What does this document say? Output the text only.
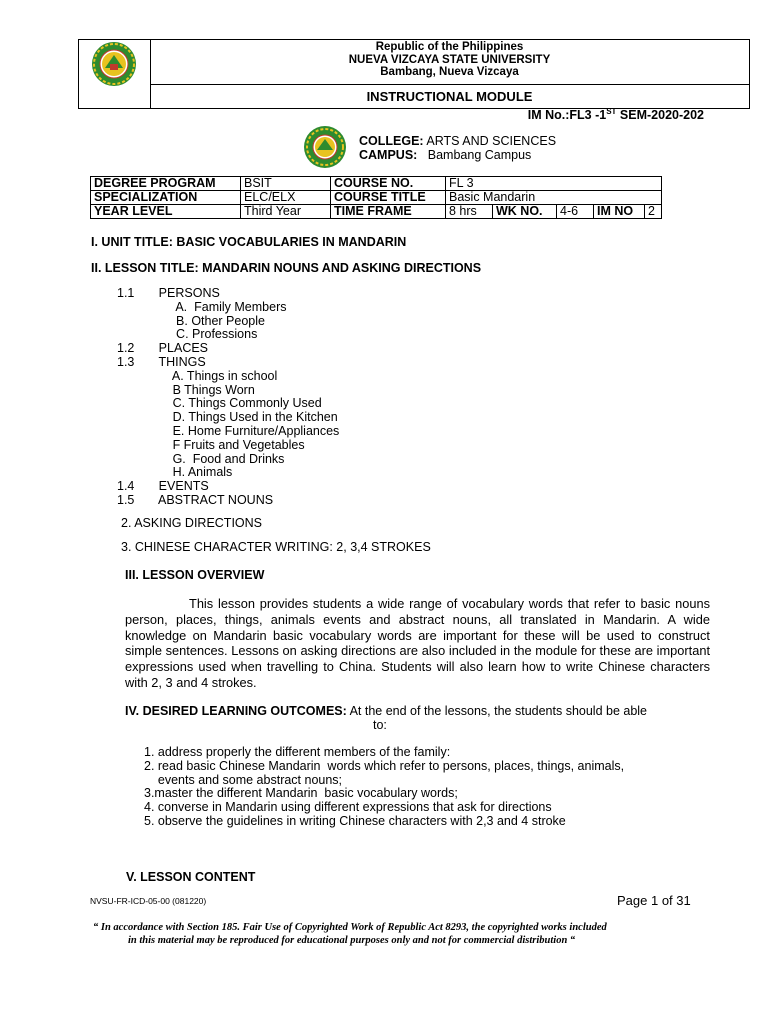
Republic of the Philippines
NUEVA VIZCAYA STATE UNIVERSITY
Bambang, Nueva Vizcaya
INSTRUCTIONAL MODULE
IM No.:FL3 -1ST SEM-2020-202
COLLEGE: ARTS AND SCIENCES
CAMPUS:   Bambang Campus
DEGREE PROGRAM	BSIT	COURSE NO.	FL 3				
SPECIALIZATION	ELC/ELX	COURSE TITLE	Basic Mandarin				
YEAR LEVEL	Third Year	TIME FRAME	8 hrs	WK NO.	4-6	IM NO	2
I. UNIT TITLE: BASIC VOCABULARIES IN MANDARIN
II. LESSON TITLE: MANDARIN NOUNS AND ASKING DIRECTIONS
1.1       PERSONS
A.  Family Members
B. Other People
C. Professions
1.2       PLACES
1.3       THINGS
A. Things in school
B Things Worn
C. Things Commonly Used
D. Things Used in the Kitchen
E. Home Furniture/Appliances
F Fruits and Vegetables
G.  Food and Drinks
H. Animals
1.4       EVENTS
1.5       ABSTRACT NOUNS
2. ASKING DIRECTIONS
3. CHINESE CHARACTER WRITING: 2, 3,4 STROKES
III. LESSON OVERVIEW
This lesson provides students a wide range of vocabulary words that refer to basic nouns person, places, things, animals events and abstract nouns, all translated in Mandarin. A wide knowledge on Mandarin basic vocabulary words are important for these will be used to construct simple sentences. Lessons on asking directions are also included in the module for these are important expressions used when travelling to China. Students will also learn how to write Chinese characters with 2, 3 and 4 strokes.
IV. DESIRED LEARNING OUTCOMES: At the end of the lessons, the students should be able
to:
1. address properly the different members of the family:
2. read basic Chinese Mandarin  words which refer to persons, places, things, animals,
events and some abstract nouns;
3.master the different Mandarin  basic vocabulary words;
4. converse in Mandarin using different expressions that ask for directions
5. observe the guidelines in writing Chinese characters with 2,3 and 4 stroke
V. LESSON CONTENT
NVSU-FR-ICD-05-00 (081220)	Page 1 of 31
“ In accordance with Section 185. Fair Use of Copyrighted Work of Republic Act 8293, the copyrighted works included
in this material may be reproduced for educational purposes only and not for commercial distribution “
